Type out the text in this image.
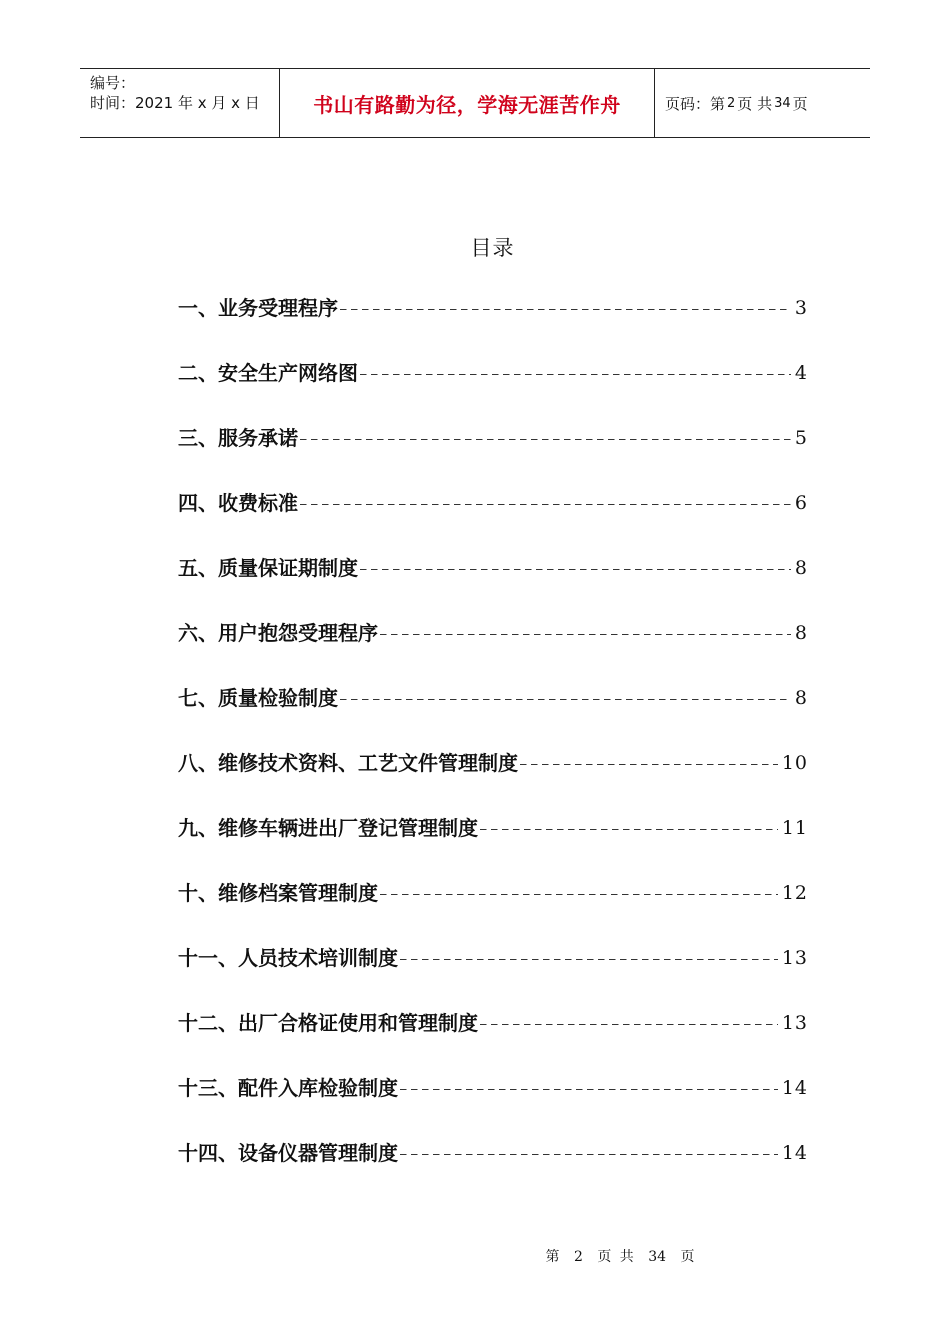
编号：
时间：2021 年 x 月 x 日	书山有路勤为径，学海无涯苦作舟	页码：第 2 页 共 34 页
目录
一、业务受理程序	3
二、安全生产网络图	4
三、服务承诺	5
四、收费标准	6
五、质量保证期制度	8
六、用户抱怨受理程序	8
七、质量检验制度	8
八、维修技术资料、工艺文件管理制度	10
九、维修车辆进出厂登记管理制度	11
十、维修档案管理制度	12
十一、人员技术培训制度	13
十二、出厂合格证使用和管理制度	13
十三、配件入库检验制度	14
十四、设备仪器管理制度	14
第 2 页 共 34 页
